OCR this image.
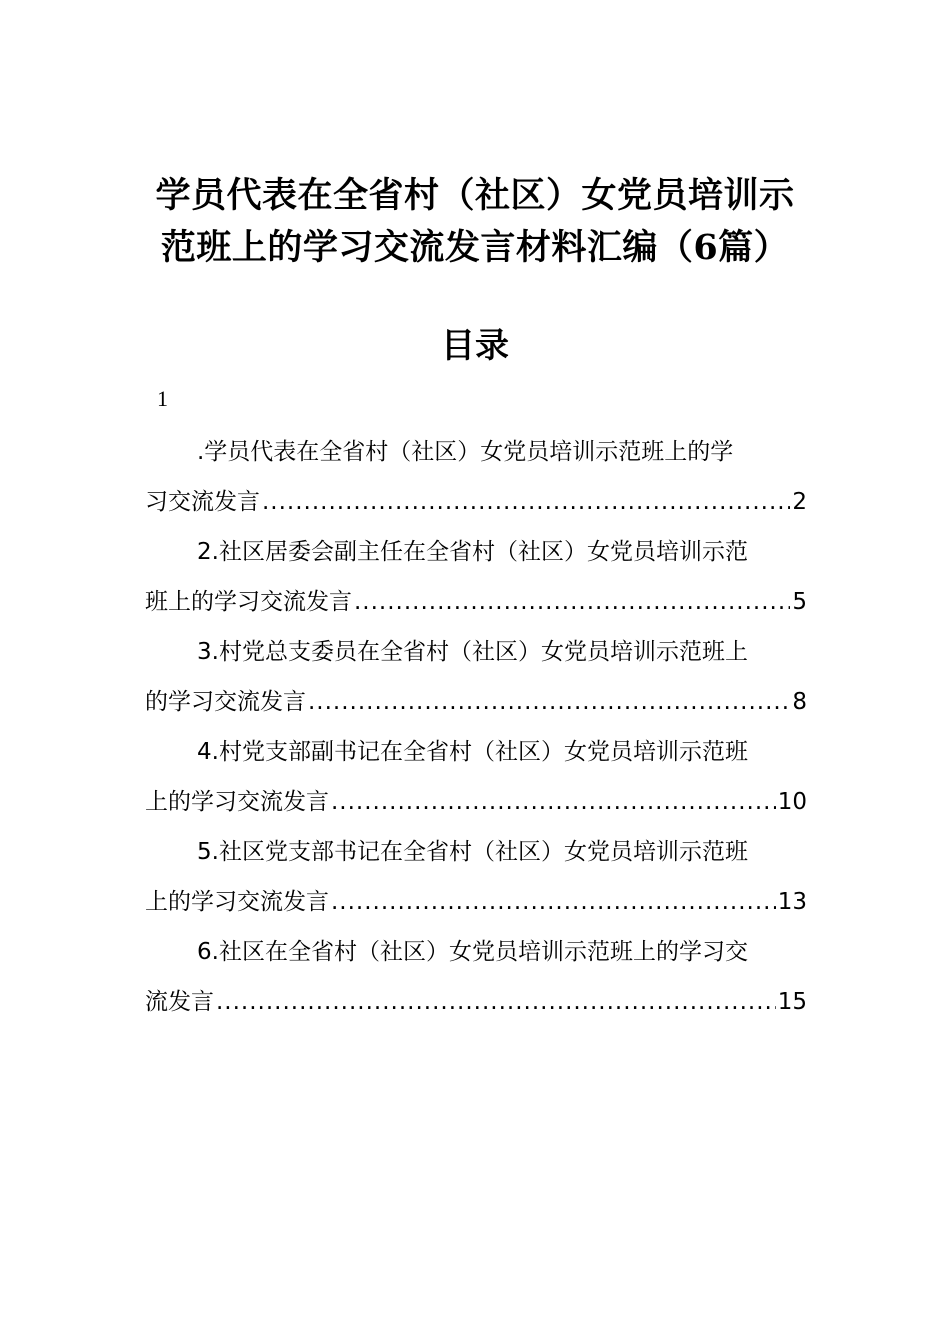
学员代表在全省村（社区）女党员培训示
范班上的学习交流发言材料汇编（6篇）
目录
1
.学员代表在全省村（社区）女党员培训示范班上的学
习交流发言 .....	2
2.社区居委会副主任在全省村（社区）女党员培训示范
班上的学习交流发言 .....	5
3.村党总支委员在全省村（社区）女党员培训示范班上
的学习交流发言 .....	8
4.村党支部副书记在全省村（社区）女党员培训示范班
上的学习交流发言 .....	10
5.社区党支部书记在全省村（社区）女党员培训示范班
上的学习交流发言 .....	13
6.社区在全省村（社区）女党员培训示范班上的学习交
流发言 .....	15
